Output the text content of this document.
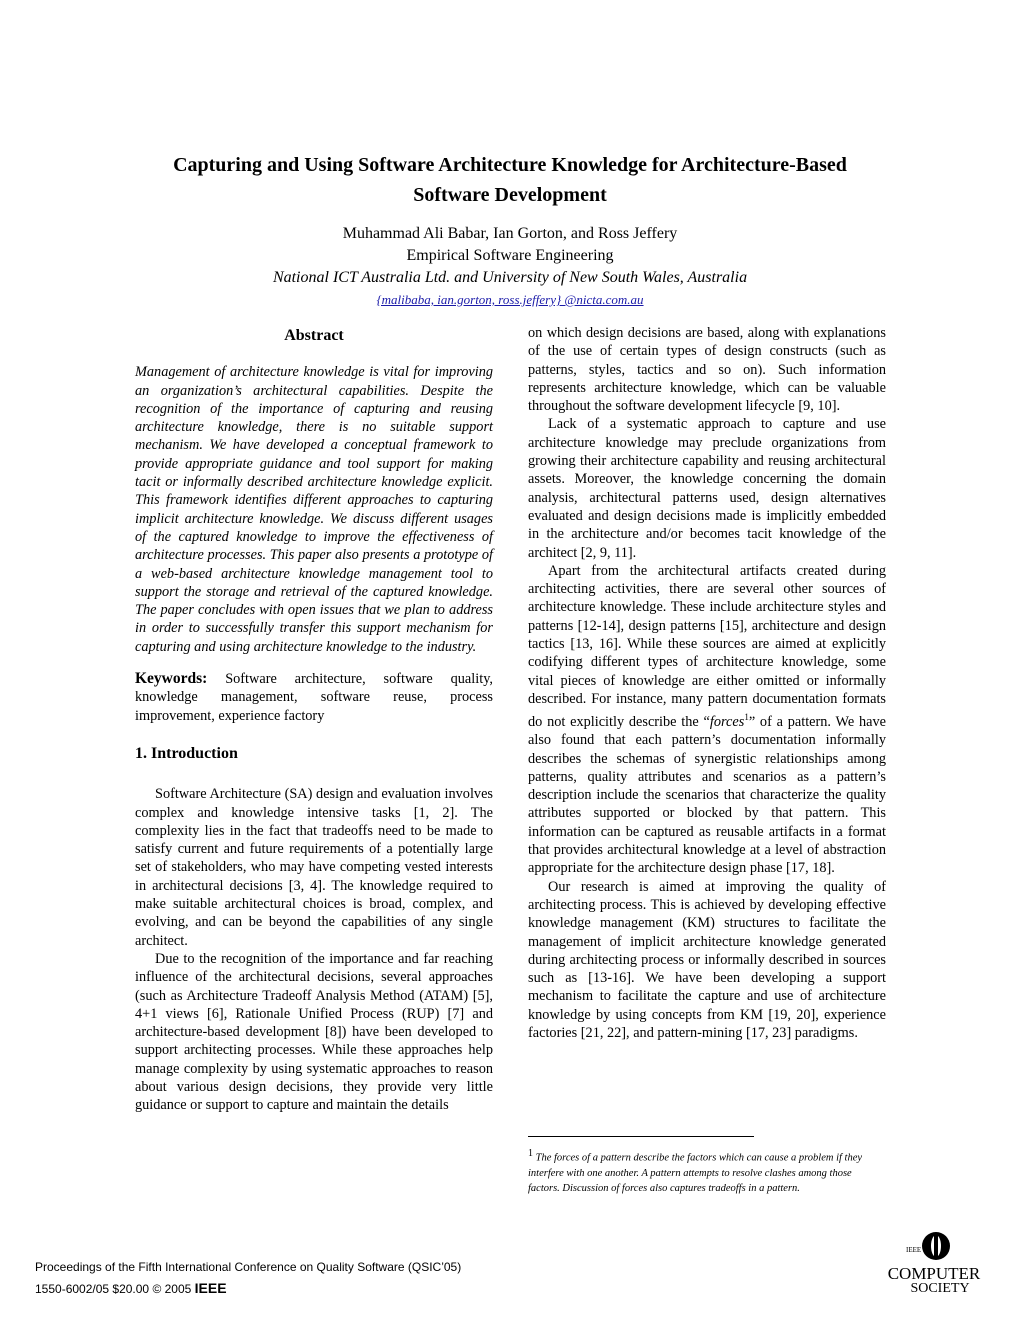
Capturing and Using Software Architecture Knowledge for Architecture-Based
Software Development
Muhammad Ali Babar, Ian Gorton, and Ross Jeffery
Empirical Software Engineering
National ICT Australia Ltd. and University of New South Wales, Australia
{malibaba, ian.gorton, ross.jeffery} @nicta.com.au
Abstract

Management of architecture knowledge is vital for improving an organization’s architectural capabilities. Despite the recognition of the importance of capturing and reusing architecture knowledge, there is no suitable support mechanism. We have developed a conceptual framework to provide appropriate guidance and tool support for making tacit or informally described architecture knowledge explicit. This framework identifies different approaches to capturing implicit architecture knowledge. We discuss different usages of the captured knowledge to improve the effectiveness of architecture processes. This paper also presents a prototype of a web-based architecture knowledge management tool to support the storage and retrieval of the captured knowledge. The paper concludes with open issues that we plan to address in order to successfully transfer this support mechanism for capturing and using architecture knowledge to the industry.

Keywords: Software architecture, software quality, knowledge management, software reuse, process improvement, experience factory

1. Introduction

Software Architecture (SA) design and evaluation involves complex and knowledge intensive tasks [1, 2]. The complexity lies in the fact that tradeoffs need to be made to satisfy current and future requirements of a potentially large set of stakeholders, who may have competing vested interests in architectural decisions [3, 4]. The knowledge required to make suitable architectural choices is broad, complex, and evolving, and can be beyond the capabilities of any single architect.

Due to the recognition of the importance and far reaching influence of the architectural decisions, several approaches (such as Architecture Tradeoff Analysis Method (ATAM) [5], 4+1 views [6], Rationale Unified Process (RUP) [7] and architecture-based development [8]) have been developed to support architecting processes. While these approaches help manage complexity by using systematic approaches to reason about various design decisions, they provide very little guidance or support to capture and maintain the details

on which design decisions are based, along with explanations of the use of certain types of design constructs (such as patterns, styles, tactics and so on). Such information represents architecture knowledge, which can be valuable throughout the software development lifecycle [9, 10].

Lack of a systematic approach to capture and use architecture knowledge may preclude organizations from growing their architecture capability and reusing architectural assets. Moreover, the knowledge concerning the domain analysis, architectural patterns used, design alternatives evaluated and design decisions made is implicitly embedded in the architecture and/or becomes tacit knowledge of the architect [2, 9, 11].

Apart from the architectural artifacts created during architecting activities, there are several other sources of architecture knowledge. These include architecture styles and patterns [12-14], design patterns [15], architecture and design tactics [13, 16]. While these sources are aimed at explicitly codifying different types of architecture knowledge, some vital pieces of knowledge are either omitted or informally described. For instance, many pattern documentation formats do not explicitly describe the “forces$^1$” of a pattern. We have also found that each pattern’s documentation informally describes the schemas of synergistic relationships among patterns, quality attributes and scenarios as a pattern’s description include the scenarios that characterize the quality attributes supported or blocked by that pattern. This information can be captured as reusable artifacts in a format that provides architectural knowledge at a level of abstraction appropriate for the architecture design phase [17, 18].

Our research is aimed at improving the quality of architecting process. This is achieved by developing effective knowledge management (KM) structures to facilitate the management of implicit architecture knowledge generated during architecting process or informally described in sources such as [13-16]. We have been developing a support mechanism to facilitate the capture and use of architecture knowledge by using concepts from KM [19, 20], experience factories [21, 22], and pattern-mining [17, 23] paradigms.

$^1$ The forces of a pattern describe the factors which can cause a problem if they interfere with one another. A pattern attempts to resolve clashes among those factors. Discussion of forces also captures tradeoffs in a pattern.
Proceedings of the Fifth International Conference on Quality Software (QSIC’05)
1550-6002/05 $20.00 © 2005 IEEE
IEEE
COMPUTER
SOCIETY
